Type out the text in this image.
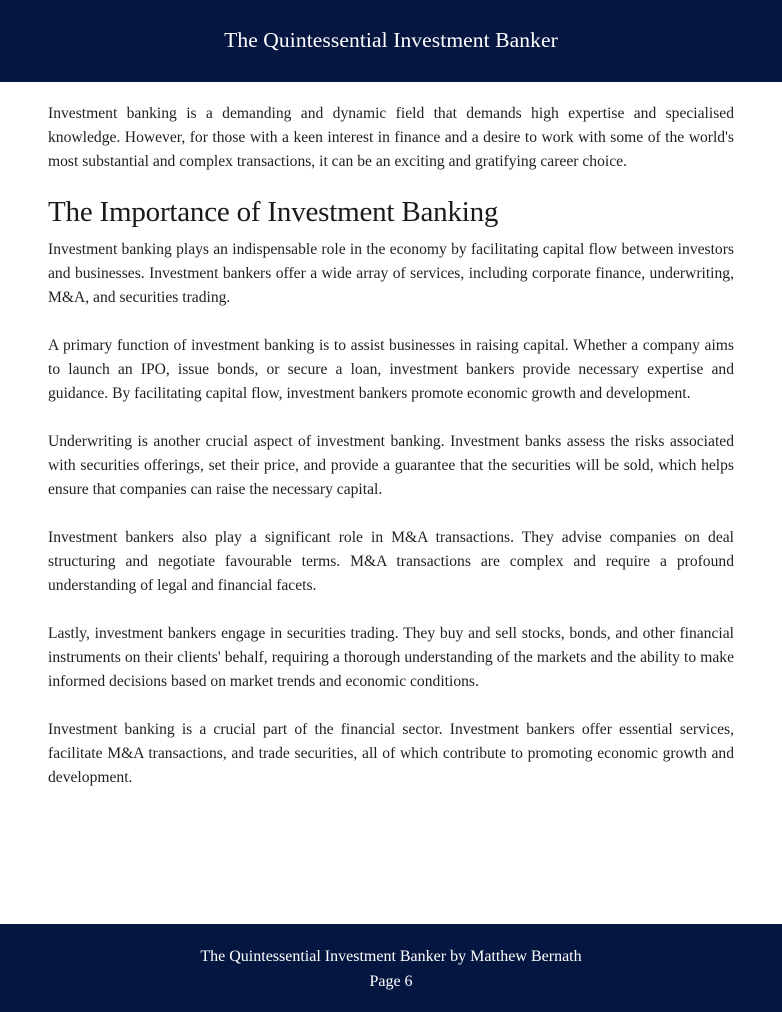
The Quintessential Investment Banker

Investment banking is a demanding and dynamic field that demands high expertise and specialised knowledge. However, for those with a keen interest in finance and a desire to work with some of the world's most substantial and complex transactions, it can be an exciting and gratifying career choice.

The Importance of Investment Banking

Investment banking plays an indispensable role in the economy by facilitating capital flow between investors and businesses. Investment bankers offer a wide array of services, including corporate finance, underwriting, M&A, and securities trading.

A primary function of investment banking is to assist businesses in raising capital. Whether a company aims to launch an IPO, issue bonds, or secure a loan, investment bankers provide necessary expertise and guidance. By facilitating capital flow, investment bankers promote economic growth and development.

Underwriting is another crucial aspect of investment banking. Investment banks assess the risks associated with securities offerings, set their price, and provide a guarantee that the securities will be sold, which helps ensure that companies can raise the necessary capital.

Investment bankers also play a significant role in M&A transactions. They advise companies on deal structuring and negotiate favourable terms. M&A transactions are complex and require a profound understanding of legal and financial facets.

Lastly, investment bankers engage in securities trading. They buy and sell stocks, bonds, and other financial instruments on their clients' behalf, requiring a thorough understanding of the markets and the ability to make informed decisions based on market trends and economic conditions.

Investment banking is a crucial part of the financial sector. Investment bankers offer essential services, facilitate M&A transactions, and trade securities, all of which contribute to promoting economic growth and development.

The Quintessential Investment Banker by Matthew Bernath
Page 6
